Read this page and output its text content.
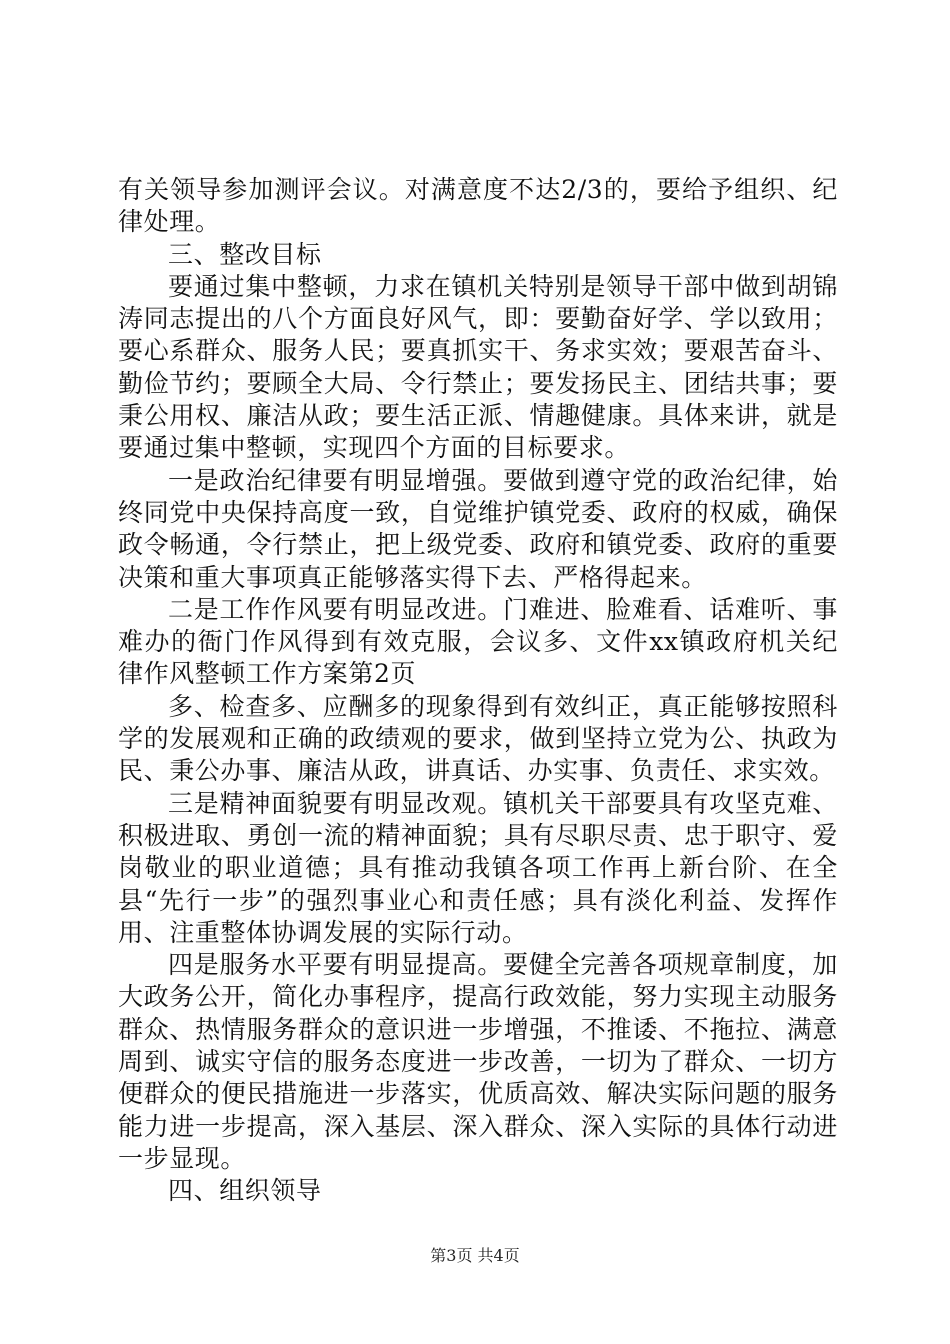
有关领导参加测评会议。对满意度不达2/3的，要给予组织、纪律处理。

三、整改目标

要通过集中整顿，力求在镇机关特别是领导干部中做到胡锦涛同志提出的八个方面良好风气，即：要勤奋好学、学以致用；要心系群众、服务人民；要真抓实干、务求实效；要艰苦奋斗、勤俭节约；要顾全大局、令行禁止；要发扬民主、团结共事；要秉公用权、廉洁从政；要生活正派、情趣健康。具体来讲，就是要通过集中整顿，实现四个方面的目标要求。

一是政治纪律要有明显增强。要做到遵守党的政治纪律，始终同党中央保持高度一致，自觉维护镇党委、政府的权威，确保政令畅通，令行禁止，把上级党委、政府和镇党委、政府的重要决策和重大事项真正能够落实得下去、严格得起来。

二是工作作风要有明显改进。门难进、脸难看、话难听、事难办的衙门作风得到有效克服，会议多、文件xx镇政府机关纪律作风整顿工作方案第2页

多、检查多、应酬多的现象得到有效纠正，真正能够按照科学的发展观和正确的政绩观的要求，做到坚持立党为公、执政为民、秉公办事、廉洁从政，讲真话、办实事、负责任、求实效。

三是精神面貌要有明显改观。镇机关干部要具有攻坚克难、积极进取、勇创一流的精神面貌；具有尽职尽责、忠于职守、爱岗敬业的职业道德；具有推动我镇各项工作再上新台阶、在全县“先行一步”的强烈事业心和责任感；具有淡化利益、发挥作用、注重整体协调发展的实际行动。

四是服务水平要有明显提高。要健全完善各项规章制度，加大政务公开，简化办事程序，提高行政效能，努力实现主动服务群众、热情服务群众的意识进一步增强，不推诿、不拖拉、满意周到、诚实守信的服务态度进一步改善，一切为了群众、一切方便群众的便民措施进一步落实，优质高效、解决实际问题的服务能力进一步提高，深入基层、深入群众、深入实际的具体行动进一步显现。

四、组织领导

第3页 共4页
